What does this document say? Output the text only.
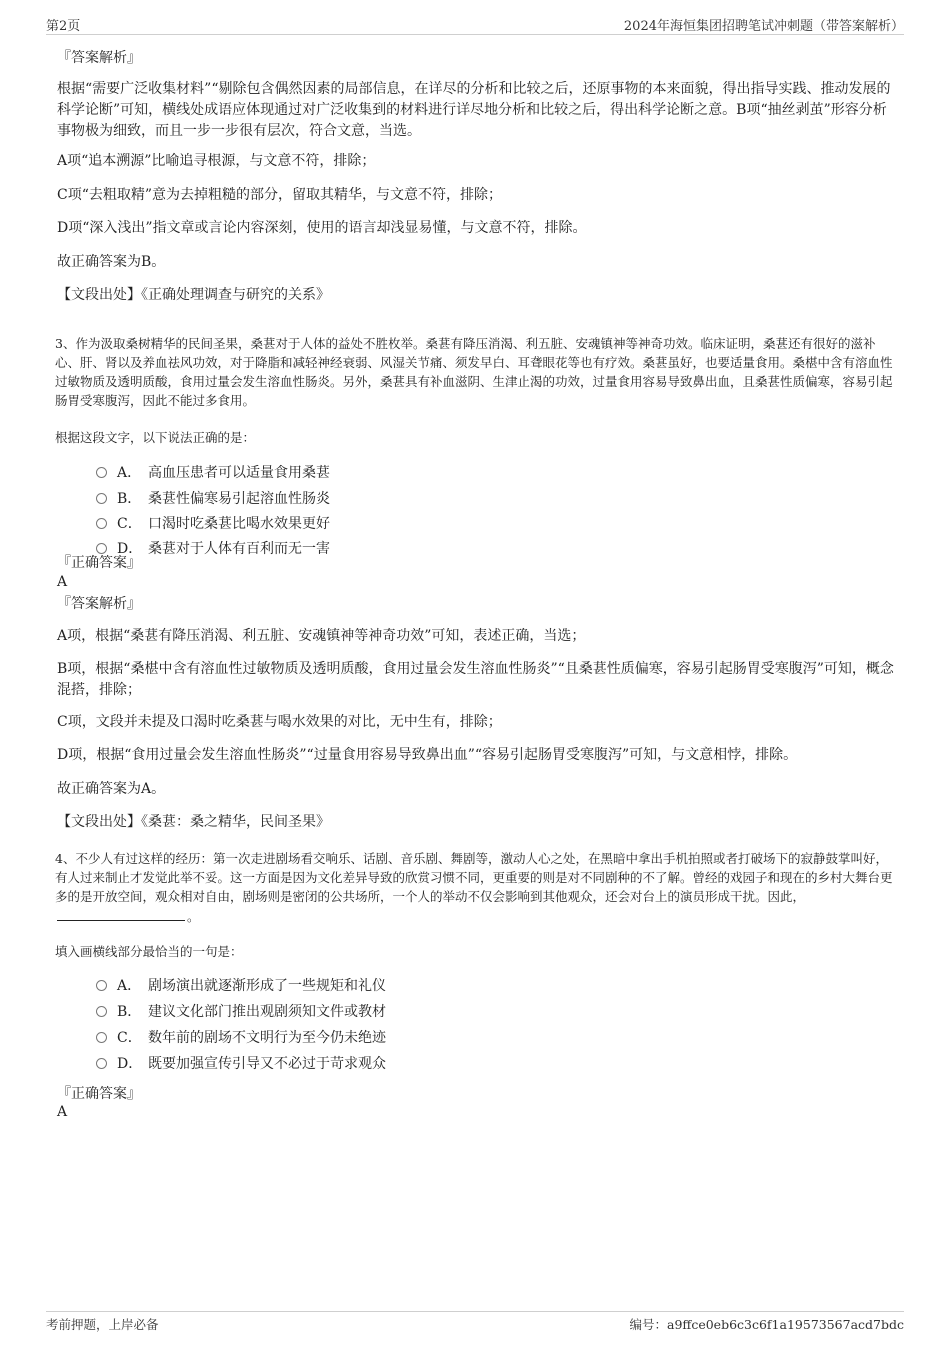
第2页	2024年海恒集团招聘笔试冲刺题（带答案解析）
『答案解析』
根据“需要广泛收集材料”“剔除包含偶然因素的局部信息，在详尽的分析和比较之后，还原事物的本来面貌，得出指导实践、推动发展的科学论断”可知，横线处成语应体现通过对广泛收集到的材料进行详尽地分析和比较之后，得出科学论断之意。B项“抽丝剥茧”形容分析事物极为细致，而且一步一步很有层次，符合文意，当选。
A项“追本溯源”比喻追寻根源，与文意不符，排除；
C项“去粗取精”意为去掉粗糙的部分，留取其精华，与文意不符，排除；
D项“深入浅出”指文章或言论内容深刻，使用的语言却浅显易懂，与文意不符，排除。
故正确答案为B。
【文段出处】《正确处理调查与研究的关系》
3、作为汲取桑树精华的民间圣果，桑葚对于人体的益处不胜枚举。桑葚有降压消渴、利五脏、安魂镇神等神奇功效。临床证明，桑葚还有很好的滋补心、肝、肾以及养血祛风功效，对于降脂和减轻神经衰弱、风湿关节痛、须发早白、耳聋眼花等也有疗效。桑葚虽好，也要适量食用。桑椹中含有溶血性过敏物质及透明质酸，食用过量会发生溶血性肠炎。另外，桑葚具有补血滋阴、生津止渴的功效，过量食用容易导致鼻出血，且桑葚性质偏寒，容易引起肠胃受寒腹泻，因此不能过多食用。
根据这段文字，以下说法正确的是：
A． 高血压患者可以适量食用桑葚
B． 桑葚性偏寒易引起溶血性肠炎
C． 口渴时吃桑葚比喝水效果更好
D． 桑葚对于人体有百利而无一害
『正确答案』
A
『答案解析』
A项，根据“桑葚有降压消渴、利五脏、安魂镇神等神奇功效”可知，表述正确，当选；
B项，根据“桑椹中含有溶血性过敏物质及透明质酸，食用过量会发生溶血性肠炎”“且桑葚性质偏寒，容易引起肠胃受寒腹泻”可知，概念混搭，排除；
C项，文段并未提及口渴时吃桑葚与喝水效果的对比，无中生有，排除；
D项，根据“食用过量会发生溶血性肠炎”“过量食用容易导致鼻出血”“容易引起肠胃受寒腹泻”可知，与文意相悖，排除。
故正确答案为A。
【文段出处】《桑葚：桑之精华，民间圣果》
4、不少人有过这样的经历：第一次走进剧场看交响乐、话剧、音乐剧、舞剧等，激动人心之处，在黑暗中拿出手机拍照或者打破场下的寂静鼓掌叫好，有人过来制止才发觉此举不妥。这一方面是因为文化差异导致的欣赏习惯不同，更重要的则是对不同剧种的不了解。曾经的戏园子和现在的乡村大舞台更多的是开放空间，观众相对自由，剧场则是密闭的公共场所，一个人的举动不仅会影响到其他观众，还会对台上的演员形成干扰。因此，。
填入画横线部分最恰当的一句是：
A． 剧场演出就逐渐形成了一些规矩和礼仪
B． 建议文化部门推出观剧须知文件或教材
C． 数年前的剧场不文明行为至今仍未绝迹
D． 既要加强宣传引导又不必过于苛求观众
『正确答案』
A
考前押题，上岸必备	编号：a9ffce0eb6c3c6f1a19573567acd7bdc
